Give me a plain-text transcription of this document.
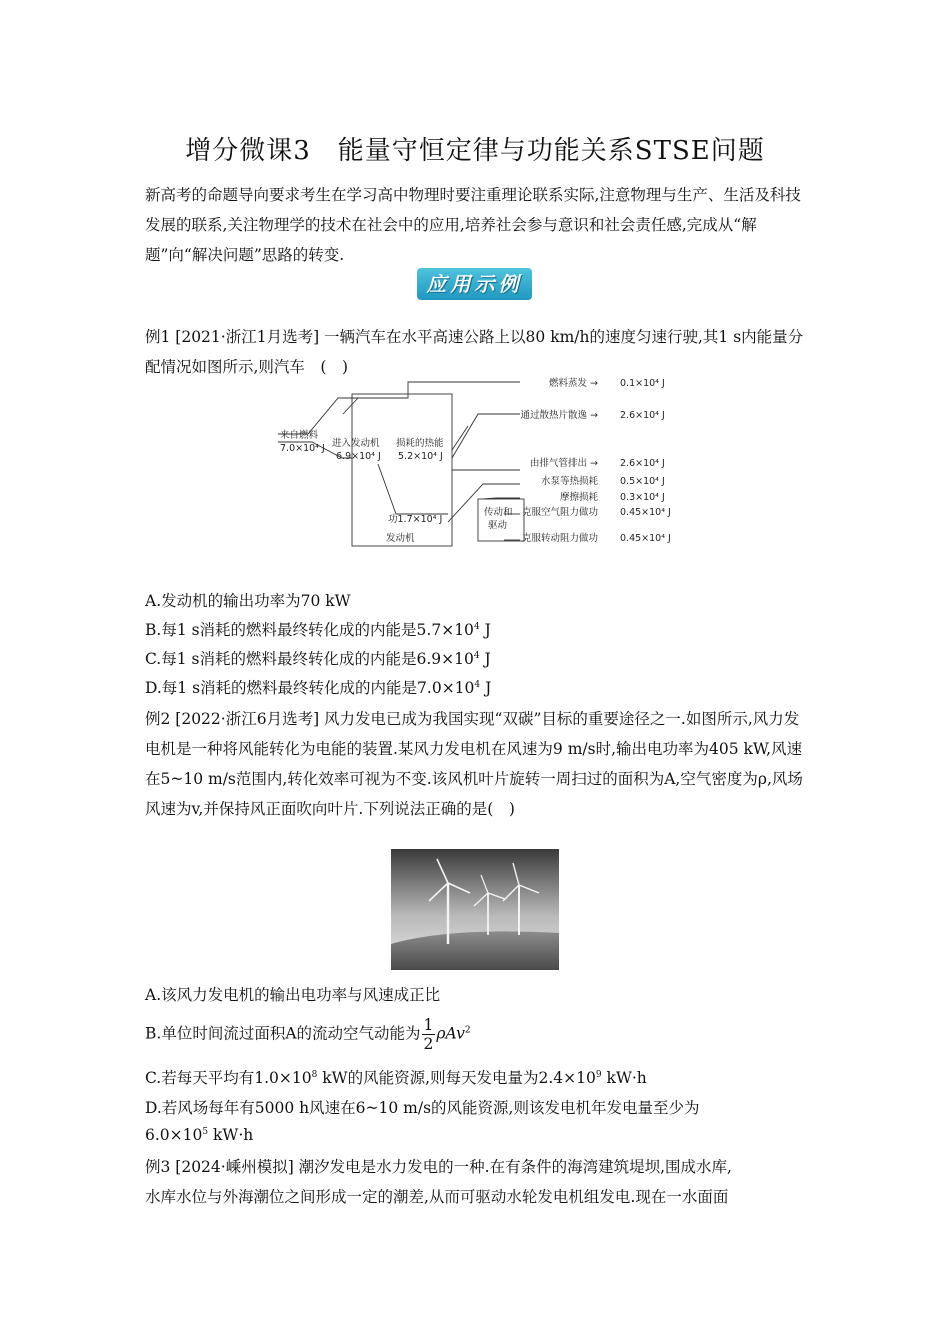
增分微课3　能量守恒定律与功能关系STSE问题
新高考的命题导向要求考生在学习高中物理时要注重理论联系实际,注意物理与生产、生活及科技发展的联系,关注物理学的技术在社会中的应用,培养社会参与意识和社会责任感,完成从“解题”向“解决问题”思路的转变.
应用示例
例1 [2021·浙江1月选考] 一辆汽车在水平高速公路上以80 km/h的速度匀速行驶,其1 s内能量分配情况如图所示,则汽车　(　)
来自燃料
7.0×10⁴ J 进入发动机
6.9×10⁴ J
损耗的热能
5.2×10⁴ J
功1.7×10⁴ J
发动机
传动和
驱动
燃料蒸发 → 0.1×10⁴ J
通过散热片散逸 → 2.6×10⁴ J
由排气管排出 → 2.6×10⁴ J
水泵等热损耗 0.5×10⁴ J
摩擦损耗 0.3×10⁴ J
克服空气阻力做功 0.45×10⁴ J
克服转动阻力做功 0.45×10⁴ J
A.发动机的输出功率为70 kW
B.每1 s消耗的燃料最终转化成的内能是$5.7\times 10^4$ J
C.每1 s消耗的燃料最终转化成的内能是$6.9\times 10^4$ J
D.每1 s消耗的燃料最终转化成的内能是$7.0\times 10^4$ J
例2 [2022·浙江6月选考] 风力发电已成为我国实现“双碳”目标的重要途径之一.如图所示,风力发电机是一种将风能转化为电能的装置.某风力发电机在风速为9 m/s时,输出电功率为405 kW,风速在5~10 m/s范围内,转化效率可视为不变.该风机叶片旋转一周扫过的面积为A,空气密度为ρ,风场风速为v,并保持风正面吹向叶片.下列说法正确的是(　)
A.该风力发电机的输出电功率与风速成正比
B.单位时间流过面积A的流动空气动能为 $\frac{1}{2} \rho Av^2$
C.若每天平均有$1.0\times 10^8$ kW的风能资源,则每天发电量为$2.4\times 10^9$ kW·h
D.若风场每年有5000 h风速在6~10 m/s的风能资源,则该发电机年发电量至少为
$6.0\times 10^5$ kW·h
例3 [2024·嵊州模拟] 潮汐发电是水力发电的一种.在有条件的海湾建筑堤坝,围成水库,
水库水位与外海潮位之间形成一定的潮差,从而可驱动水轮发电机组发电.现在一水面面
